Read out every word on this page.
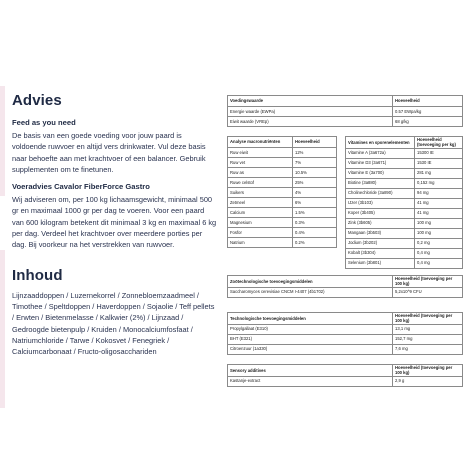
Advies
Feed as you need
De basis van een goede voeding voor jouw paard is voldoende ruwvoer en altijd vers drinkwater. Vul deze basis naar behoefte aan met krachtvoer of een balancer. Gebruik supplementen om te finetunen.
Voeradvies Cavalor FiberForce Gastro
Wij adviseren om, per 100 kg lichaamsgewicht, minimaal 500 gr en maximaal 1000 gr per dag te voeren. Voor een paard van 600 kilogram betekent dit minimaal 3 kg en maximaal 6 kg per dag. Verdeel het krachtvoer over meerdere porties per dag. Bij voorkeur na het verstrekken van ruwvoer.
Inhoud
Lijnzaaddoppen / Luzernekorrel / Zonnebloemzaadmeel / Timothee / Speltdoppen / Haverdoppen / Sojaolie / Teff pellets / Erwten / Bietenmelasse / Kalkwier (2%) / Lijnzaad / Gedroogde bietenpulp / Kruiden / Monocalciumfosfaat / Natriumchloride / Tarwe / Kokosvet / Fenegriek / Calciumcarbonaat / Fructo-oligosacchariden
Voedingswaarde	Hoeveelheid
Energie waarde (EWPa)	0.57 EWpa/kg
Eiwit waarde (VREp)	68 g/kg
Analyse macronutriënten	Hoeveelheid
Ruw eiwit	12%
Ruw vet	7%
Ruw as	10.5%
Ruwe celstof	25%
Suikers	4%
Zetmeel	6%
Calcium	1.5%
Magnesium	0.3%
Fosfor	0.4%
Natrium	0.2%
Vitamines en sporenelementen	Hoeveelheid (toevoeging per kg)
Vitamine A (3a672a)	15300 IE
Vitamine D3 (3a671)	1530 IE
Vitamine E (3a700)	281 mg
Biotine (3a880)	0,152 mg
Cholinechloride (3a890)	94 mg
IJzer (3b103)	41 mg
Koper (3b405)	41 mg
Zink (3b605)	100 mg
Mangaan (3b503)	100 mg
Jodium (3b202)	0,2 mg
Kobalt (3b304)	0,4 mg
Selenium (3b801)	0,4 mg
Zoötechnologische toevoegingsmiddelen	Hoeveelheid (toevoeging per 100 kg)
Saccharomyces cerevisiae CNCM I-4407 (4b1702)	5,2x10^9 CFU
Technologische toevoegingsmiddelen	Hoeveelheid (toevoeging per 100 kg)
Propylgallaat (E310)	13,1 mg
BHT (E321)	152,7 mg
Citroenzuur (1a330)	7,6 mg
Sensory additives	Hoeveelheid (toevoeging per 100 kg)
Kastanje-extract	2,9 g
